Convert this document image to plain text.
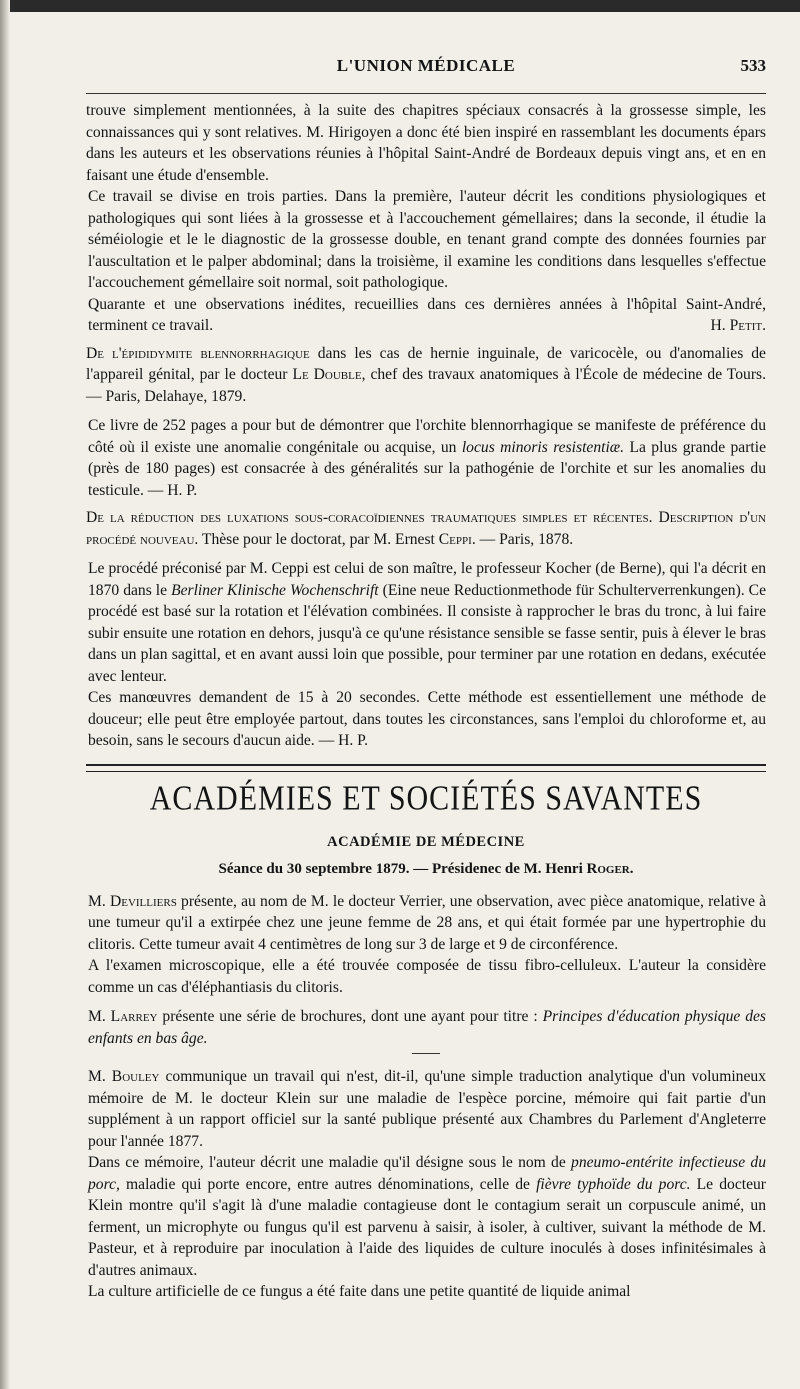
L'UNION MÉDICALE	533

trouve simplement mentionnées, à la suite des chapitres spéciaux consacrés à la grossesse simple, les connaissances qui y sont relatives. M. Hirigoyen a donc été bien inspiré en rassemblant les documents épars dans les auteurs et les observations réunies à l'hôpital Saint-André de Bordeaux depuis vingt ans, et en en faisant une étude d'ensemble.

Ce travail se divise en trois parties. Dans la première, l'auteur décrit les conditions physiologiques et pathologiques qui sont liées à la grossesse et à l'accouchement gémellaires; dans la seconde, il étudie la séméiologie et le le diagnostic de la grossesse double, en tenant grand compte des données fournies par l'auscultation et le palper abdominal; dans la troisième, il examine les conditions dans lesquelles s'effectue l'accouchement gémellaire soit normal, soit pathologique.

Quarante et une observations inédites, recueillies dans ces dernières années à l'hôpital Saint-André, terminent ce travail.	H. Petit.

De l'épididymite blennorrhagique dans les cas de hernie inguinale, de varicocèle, ou d'anomalies de l'appareil génital, par le docteur Le Double, chef des travaux anatomiques à l'École de médecine de Tours. — Paris, Delahaye, 1879.

Ce livre de 252 pages a pour but de démontrer que l'orchite blennorrhagique se manifeste de préférence du côté où il existe une anomalie congénitale ou acquise, un locus minoris resistentiæ. La plus grande partie (près de 180 pages) est consacrée à des généralités sur la pathogénie de l'orchite et sur les anomalies du testicule. — H. P.

De la réduction des luxations sous-coracoïdiennes traumatiques simples et récentes. Description d'un procédé nouveau. Thèse pour le doctorat, par M. Ernest Ceppi. — Paris, 1878.

Le procédé préconisé par M. Ceppi est celui de son maître, le professeur Kocher (de Berne), qui l'a décrit en 1870 dans le Berliner Klinische Wochenschrift (Eine neue Reductionmethode für Schulterverrenkungen). Ce procédé est basé sur la rotation et l'élévation combinées. Il consiste à rapprocher le bras du tronc, à lui faire subir ensuite une rotation en dehors, jusqu'à ce qu'une résistance sensible se fasse sentir, puis à élever le bras dans un plan sagittal, et en avant aussi loin que possible, pour terminer par une rotation en dedans, exécutée avec lenteur.

Ces manœuvres demandent de 15 à 20 secondes. Cette méthode est essentiellement une méthode de douceur; elle peut être employée partout, dans toutes les circonstances, sans l'emploi du chloroforme et, au besoin, sans le secours d'aucun aide. — H. P.

ACADÉMIES ET SOCIÉTÉS SAVANTES
ACADÉMIE DE MÉDECINE
Séance du 30 septembre 1879. — Présidenec de M. Henri Roger.

M. Devilliers présente, au nom de M. le docteur Verrier, une observation, avec pièce anatomique, relative à une tumeur qu'il a extirpée chez une jeune femme de 28 ans, et qui était formée par une hypertrophie du clitoris. Cette tumeur avait 4 centimètres de long sur 3 de large et 9 de circonférence.

A l'examen microscopique, elle a été trouvée composée de tissu fibro-celluleux. L'auteur la considère comme un cas d'éléphantiasis du clitoris.

M. Larrey présente une série de brochures, dont une ayant pour titre : Principes d'éducation physique des enfants en bas âge.

M. Bouley communique un travail qui n'est, dit-il, qu'une simple traduction analytique d'un volumineux mémoire de M. le docteur Klein sur une maladie de l'espèce porcine, mémoire qui fait partie d'un supplément à un rapport officiel sur la santé publique présenté aux Chambres du Parlement d'Angleterre pour l'année 1877.

Dans ce mémoire, l'auteur décrit une maladie qu'il désigne sous le nom de pneumo-entérite infectieuse du porc, maladie qui porte encore, entre autres dénominations, celle de fièvre typhoïde du porc. Le docteur Klein montre qu'il s'agit là d'une maladie contagieuse dont le contagium serait un corpuscule animé, un ferment, un microphyte ou fungus qu'il est parvenu à saisir, à isoler, à cultiver, suivant la méthode de M. Pasteur, et à reproduire par inoculation à l'aide des liquides de culture inoculés à doses infinitésimales à d'autres animaux.

La culture artificielle de ce fungus a été faite dans une petite quantité de liquide animal
